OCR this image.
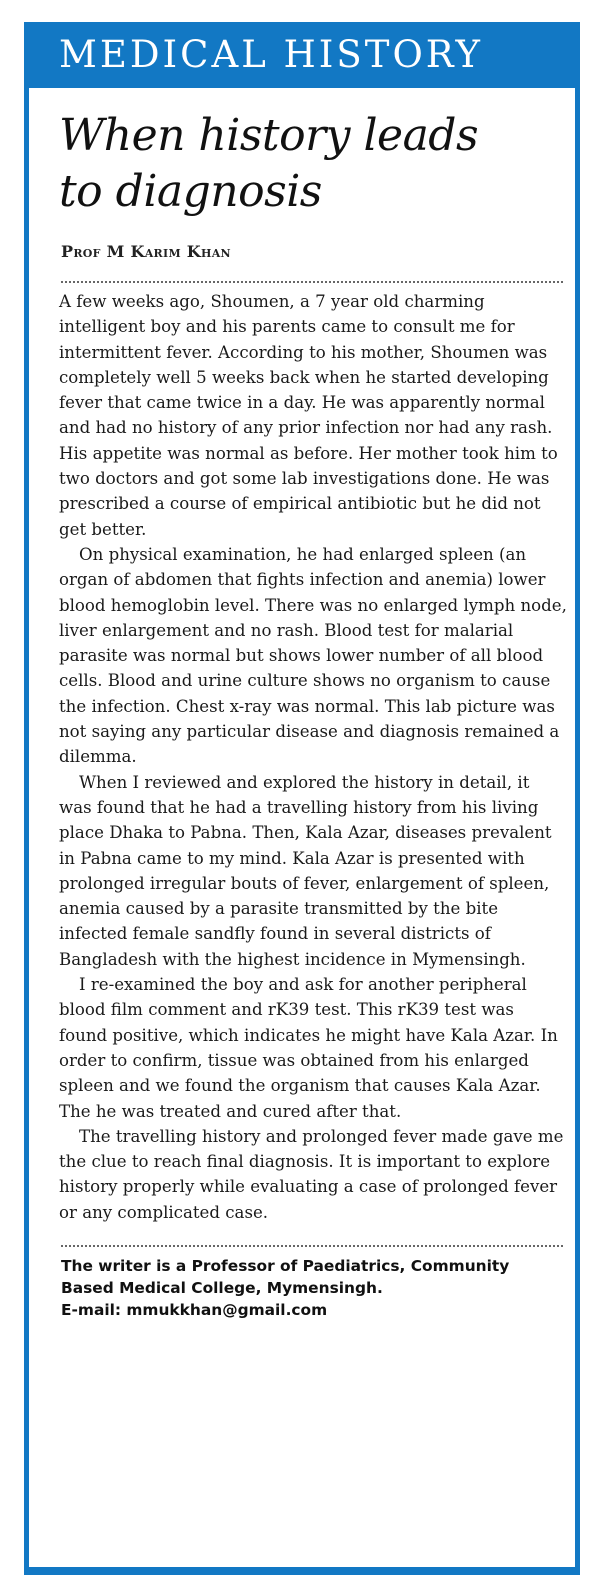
MEDICAL HISTORY
When history leads
to diagnosis
Prof M Karim Khan

A few weeks ago, Shoumen, a 7 year old charming intelligent boy and his parents came to consult me for intermittent fever. According to his mother, Shoumen was completely well 5 weeks back when he started developing fever that came twice in a day. He was apparently normal and had no history of any prior infection nor had any rash. His appetite was normal as before. Her mother took him to two doctors and got some lab investigations done. He was prescribed a course of empirical antibiotic but he did not get better.

On physical examination, he had enlarged spleen (an organ of abdomen that fights infection and anemia) lower blood hemoglobin level. There was no enlarged lymph node, liver enlargement and no rash. Blood test for malarial parasite was normal but shows lower number of all blood cells. Blood and urine culture shows no organism to cause the infection. Chest x-ray was normal. This lab picture was not saying any particular disease and diagnosis remained a dilemma.

When I reviewed and explored the history in detail, it was found that he had a travelling history from his living place Dhaka to Pabna. Then, Kala Azar, diseases prevalent in Pabna came to my mind. Kala Azar is presented with prolonged irregular bouts of fever, enlargement of spleen, anemia caused by a parasite transmitted by the bite infected female sandfly found in several districts of Bangladesh with the highest incidence in Mymensingh.

I re-examined the boy and ask for another peripheral blood film comment and rK39 test. This rK39 test was found positive, which indicates he might have Kala Azar. In order to confirm, tissue was obtained from his enlarged spleen and we found the organism that causes Kala Azar. The he was treated and cured after that.

The travelling history and prolonged fever made gave me the clue to reach final diagnosis. It is important to explore history properly while evaluating a case of prolonged fever or any complicated case.

The writer is a Professor of Paediatrics, Community
Based Medical College, Mymensingh.
E-mail: mmukkhan@gmail.com
